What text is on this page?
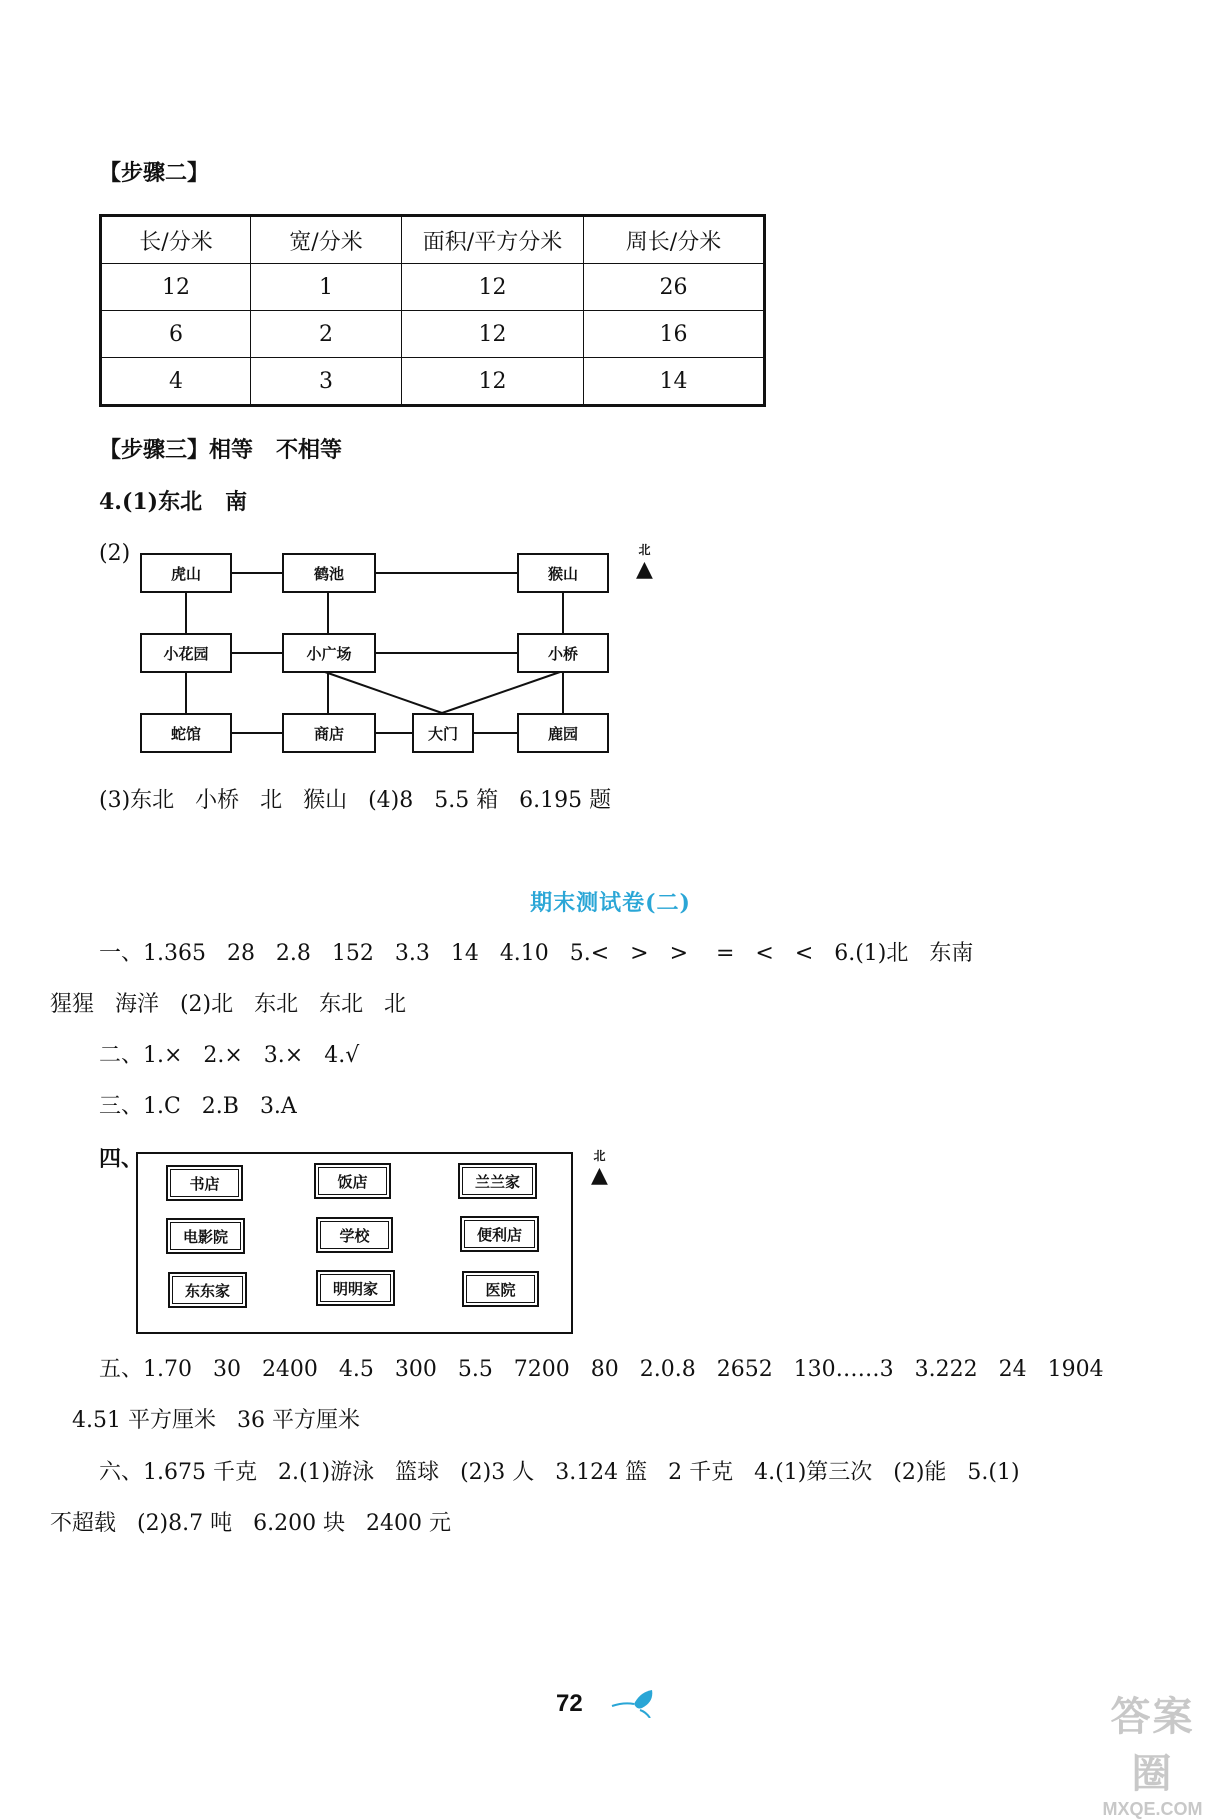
【步骤二】
长/分米	宽/分米	面积/平方分米	周长/分米
12	1	12	26
6	2	12	16
4	3	12	14
【步骤三】相等   不相等
4.(1)东北   南
(2)
虎山	鹤池	猴山
小花园	小广场	小桥
蛇馆	商店	大门	鹿园
北
▲
(3)东北   小桥   北   猴山   (4)8   5.5 箱   6.195 题
期末测试卷(二)
一、1.365   28   2.8   152   3.3   14   4.10   5.<   >   >    =   <   <   6.(1)北   东南
猩猩   海洋   (2)北   东北   东北   北
二、1.×   2.×   3.×   4.√
三、1.C   2.B   3.A
四、
书店	饭店	兰兰家
电影院	学校	便利店
东东家	明明家	医院
北
▲
五、1.70   30   2400   4.5   300   5.5   7200   80   2.0.8   2652   130……3   3.222   24   1904
4.51 平方厘米   36 平方厘米
六、1.675 千克   2.(1)游泳   篮球   (2)3 人   3.124 篮   2 千克   4.(1)第三次   (2)能   5.(1)
不超载   (2)8.7 吨   6.200 块   2400 元
72	答案圈
MXQE.COM
